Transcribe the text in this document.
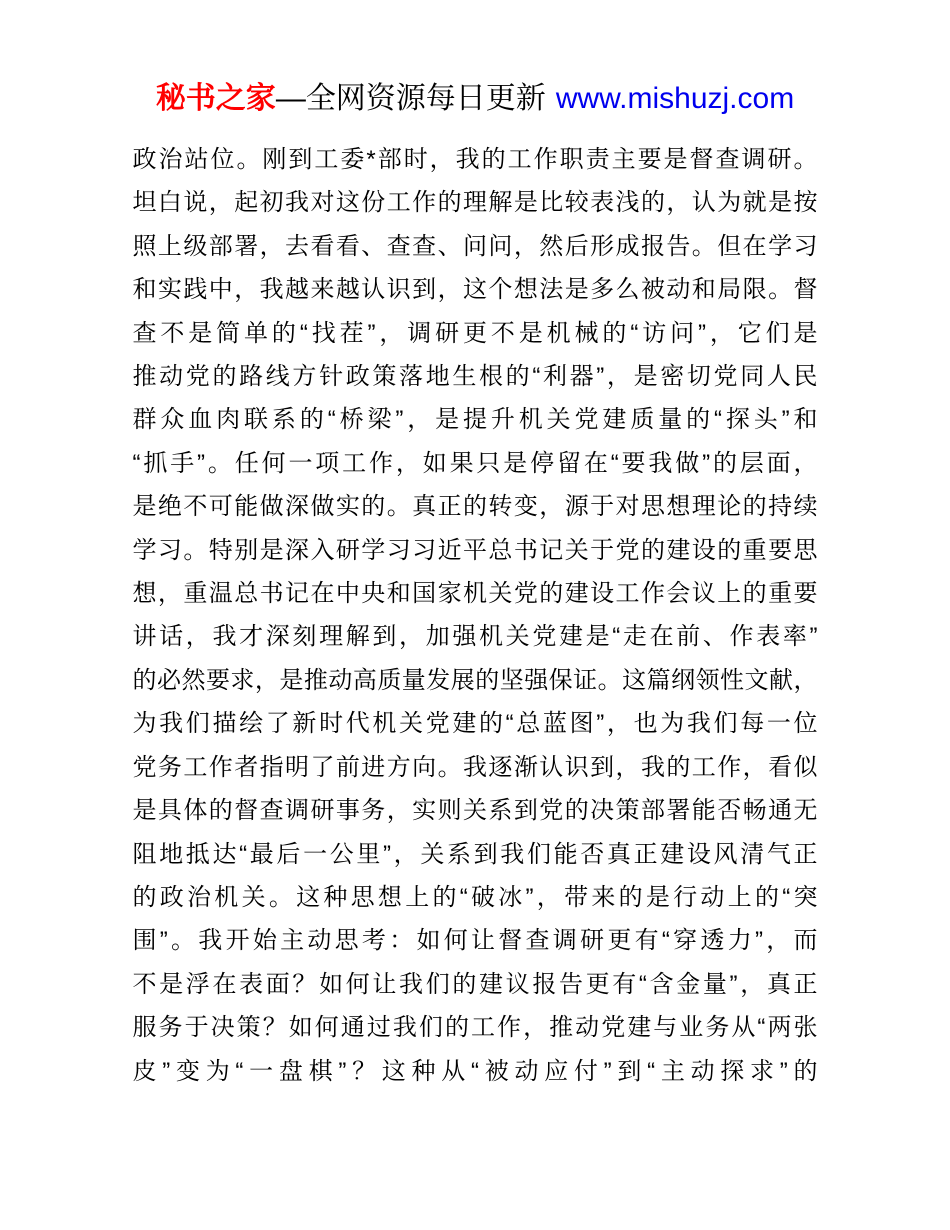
秘书之家—全网资源每日更新 www.mishuzj.com
政治站位。刚到工委*部时，我的工作职责主要是督查调研。
坦白说，起初我对这份工作的理解是比较表浅的，认为就是按
照上级部署，去看看、查查、问问，然后形成报告。但在学习
和实践中，我越来越认识到，这个想法是多么被动和局限。督
查不是简单的“找茬”，调研更不是机械的“访问”，它们是
推动党的路线方针政策落地生根的“利器”，是密切党同人民
群众血肉联系的“桥梁”，是提升机关党建质量的“探头”和
“抓手”。任何一项工作，如果只是停留在“要我做”的层面，
是绝不可能做深做实的。真正的转变，源于对思想理论的持续
学习。特别是深入研学习习近平总书记关于党的建设的重要思
想，重温总书记在中央和国家机关党的建设工作会议上的重要
讲话，我才深刻理解到，加强机关党建是“走在前、作表率”
的必然要求，是推动高质量发展的坚强保证。这篇纲领性文献，
为我们描绘了新时代机关党建的“总蓝图”，也为我们每一位
党务工作者指明了前进方向。我逐渐认识到，我的工作，看似
是具体的督查调研事务，实则关系到党的决策部署能否畅通无
阻地抵达“最后一公里”，关系到我们能否真正建设风清气正
的政治机关。这种思想上的“破冰”，带来的是行动上的“突
围”。我开始主动思考：如何让督查调研更有“穿透力”，而
不是浮在表面？如何让我们的建议报告更有“含金量”，真正
服务于决策？如何通过我们的工作，推动党建与业务从“两张
皮”变为“一盘棋”？这种从“被动应付”到“主动探求”的
